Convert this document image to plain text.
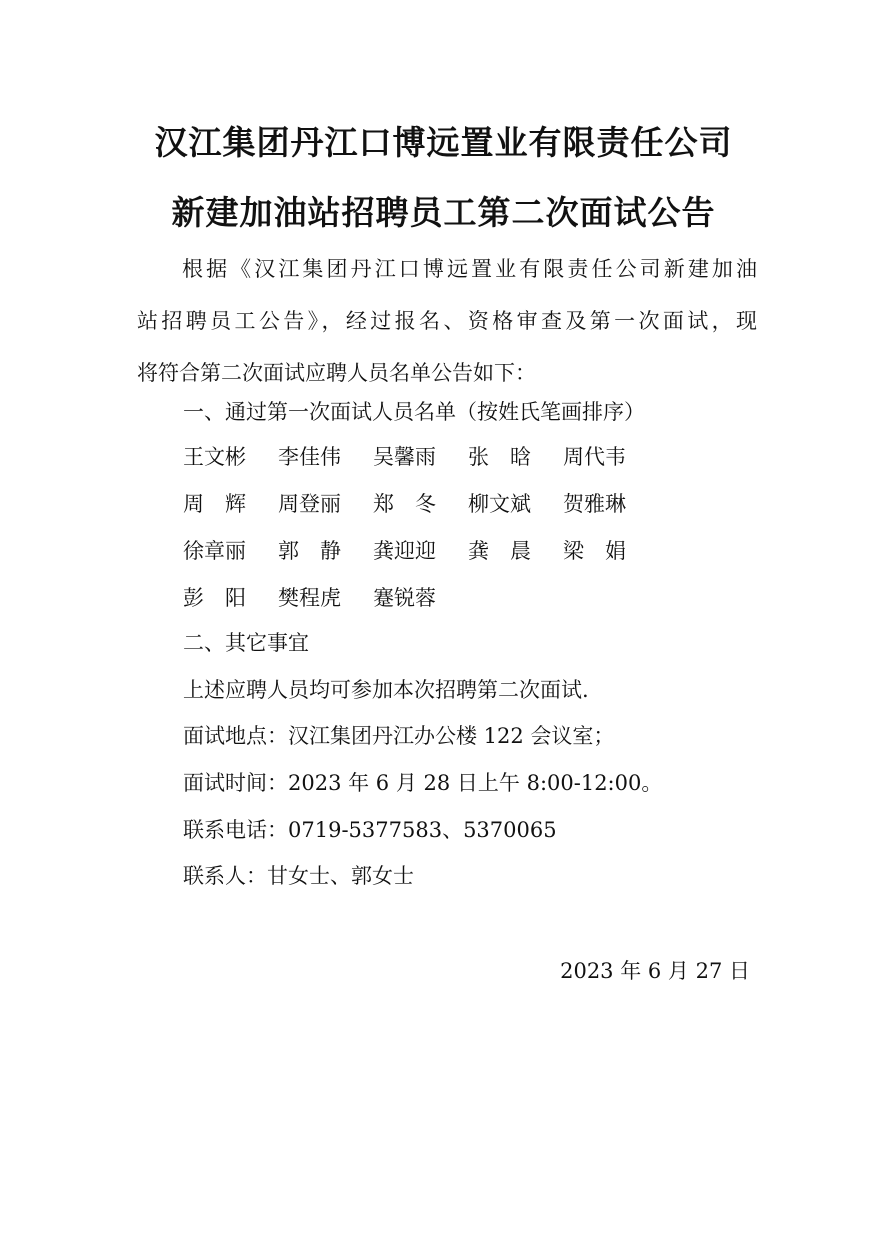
汉江集团丹江口博远置业有限责任公司
新建加油站招聘员工第二次面试公告
根据《汉江集团丹江口博远置业有限责任公司新建加油
站招聘员工公告》，经过报名、资格审查及第一次面试，现
将符合第二次面试应聘人员名单公告如下：
一、通过第一次面试人员名单（按姓氏笔画排序）
王文彬 李佳伟 吴馨雨 张　晗 周代韦
周　辉 周登丽 郑　冬 柳文斌 贺雅琳
徐章丽 郭　静 龚迎迎 龚　晨 梁　娟
彭　阳 樊程虎 蹇锐蓉
二、其它事宜
上述应聘人员均可参加本次招聘第二次面试.
面试地点：汉江集团丹江办公楼 122 会议室；
面试时间：2023 年 6 月 28 日上午 8:00-12:00。
联系电话：0719-5377583、5370065
联系人：甘女士、郭女士
2023 年 6 月 27 日
